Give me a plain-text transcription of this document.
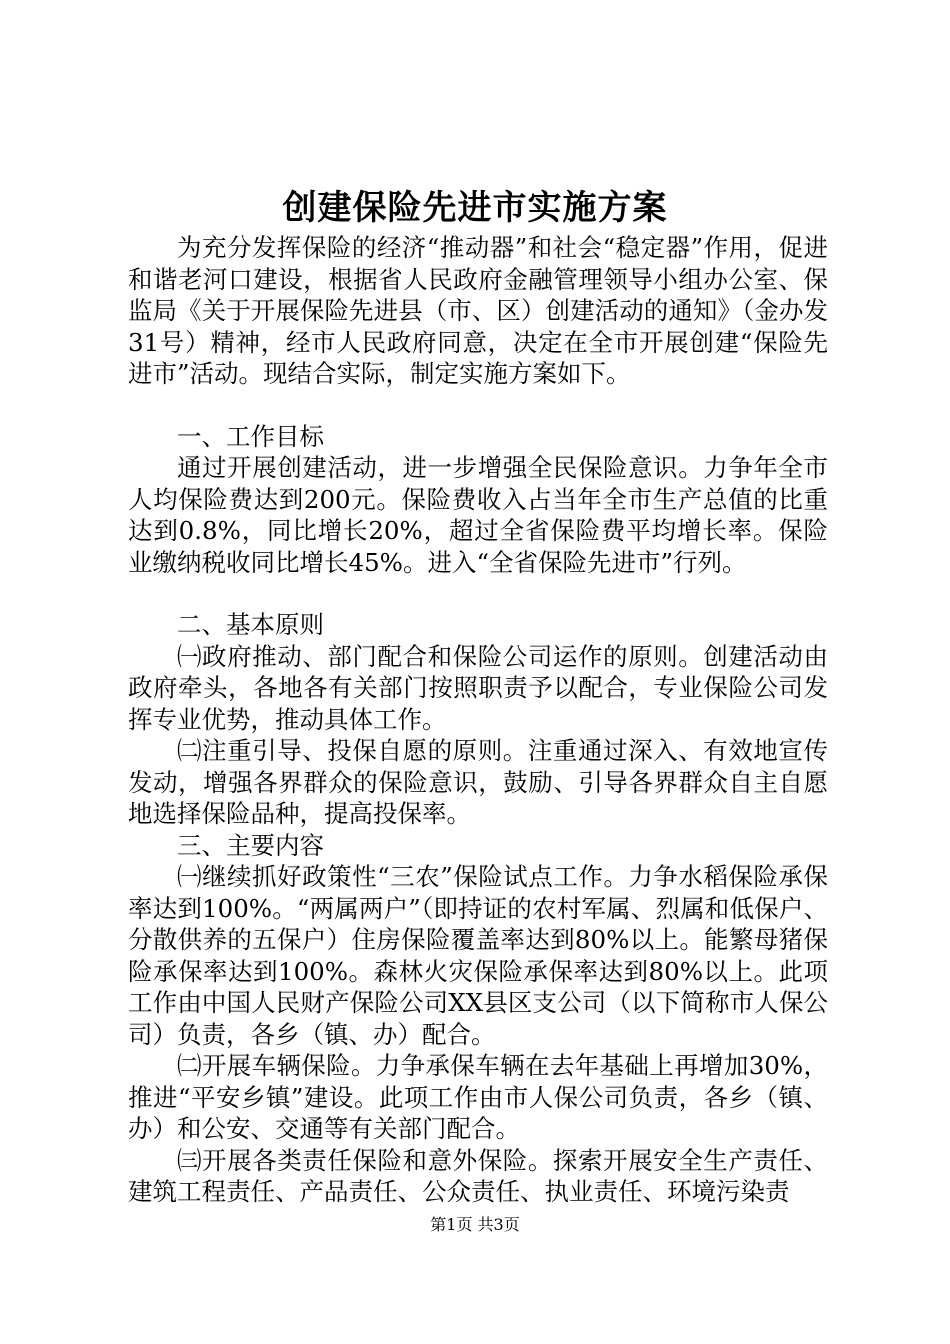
创建保险先进市实施方案

为充分发挥保险的经济“推动器”和社会“稳定器”作用，促进和谐老河口建设，根据省人民政府金融管理领导小组办公室、保监局《关于开展保险先进县（市、区）创建活动的通知》（金办发31号）精神，经市人民政府同意，决定在全市开展创建“保险先进市”活动。现结合实际，制定实施方案如下。

一、工作目标

通过开展创建活动，进一步增强全民保险意识。力争年全市人均保险费达到200元。保险费收入占当年全市生产总值的比重达到0.8%，同比增长20%，超过全省保险费平均增长率。保险业缴纳税收同比增长45%。进入“全省保险先进市”行列。

二、基本原则

㈠政府推动、部门配合和保险公司运作的原则。创建活动由政府牵头，各地各有关部门按照职责予以配合，专业保险公司发挥专业优势，推动具体工作。

㈡注重引导、投保自愿的原则。注重通过深入、有效地宣传发动，增强各界群众的保险意识，鼓励、引导各界群众自主自愿地选择保险品种，提高投保率。

三、主要内容

㈠继续抓好政策性“三农”保险试点工作。力争水稻保险承保率达到100%。“两属两户”（即持证的农村军属、烈属和低保户、分散供养的五保户）住房保险覆盖率达到80%以上。能繁母猪保险承保率达到100%。森林火灾保险承保率达到80%以上。此项工作由中国人民财产保险公司XX县区支公司（以下简称市人保公司）负责，各乡（镇、办）配合。

㈡开展车辆保险。力争承保车辆在去年基础上再增加30%，推进“平安乡镇”建设。此项工作由市人保公司负责，各乡（镇、办）和公安、交通等有关部门配合。

㈢开展各类责任保险和意外保险。探索开展安全生产责任、建筑工程责任、产品责任、公众责任、执业责任、环境污染责

第1页 共3页
